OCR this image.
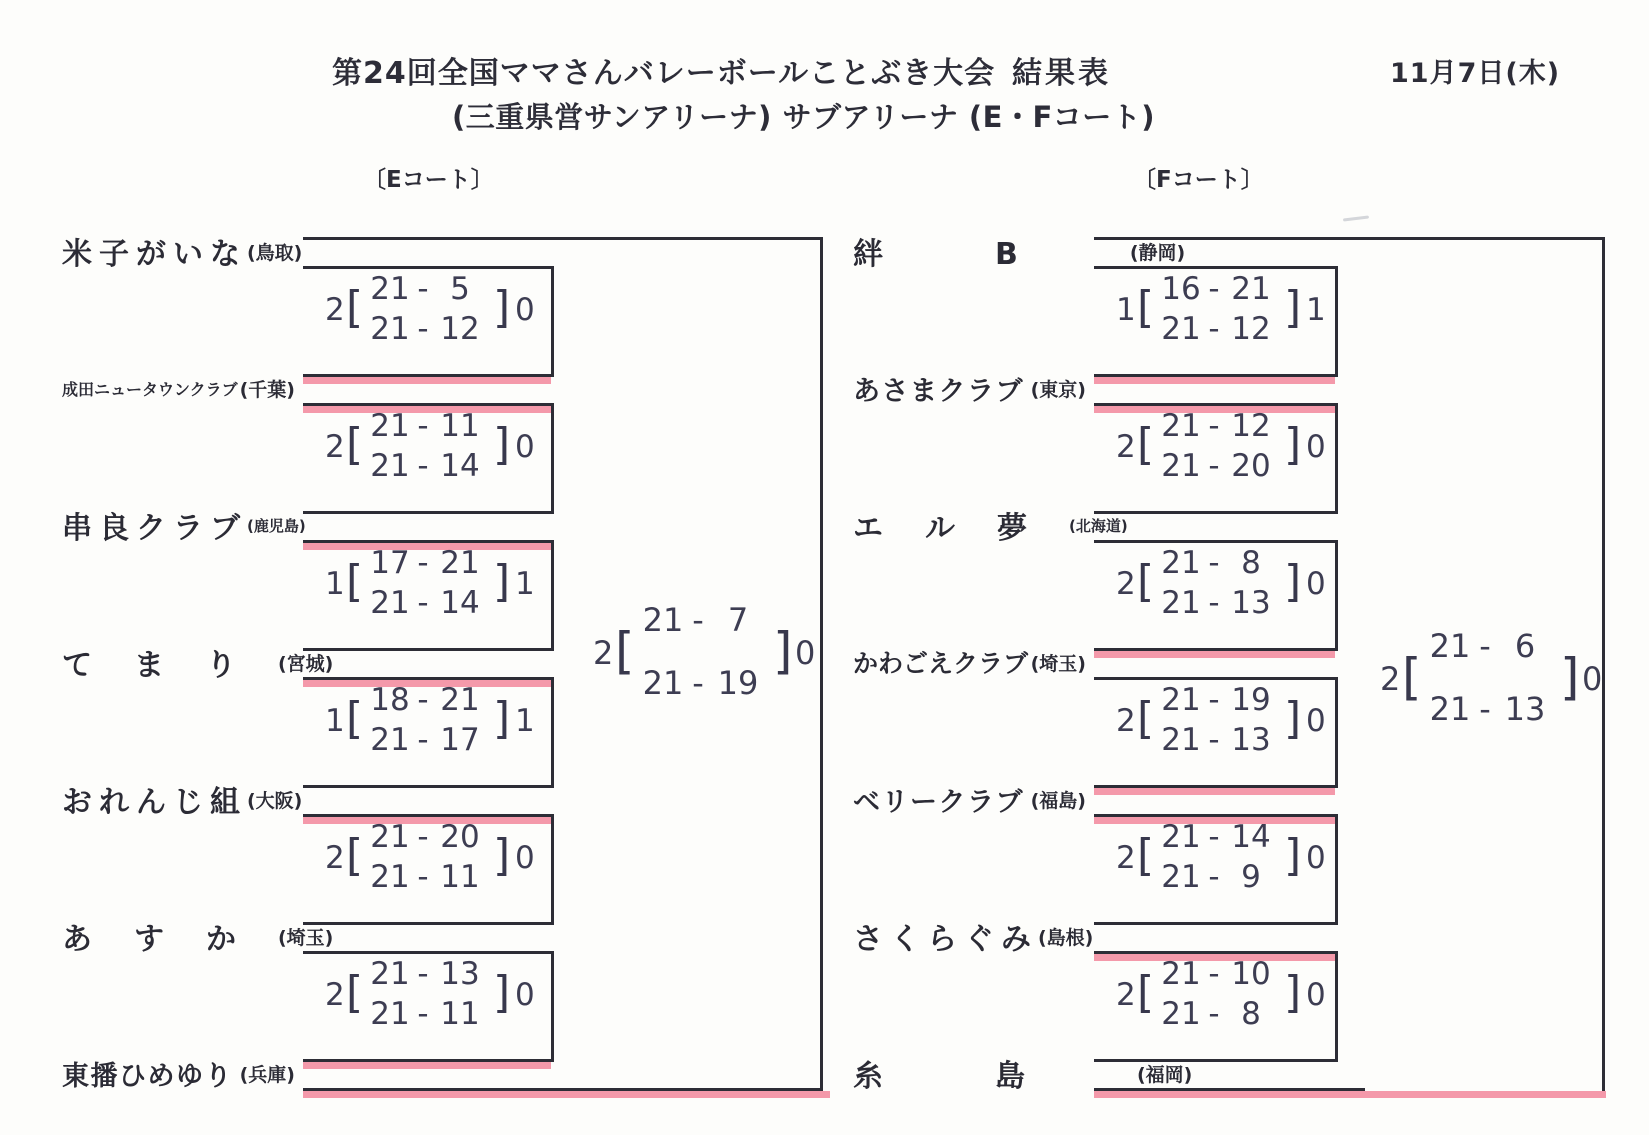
第24回全国ママさんバレーボールことぶき大会 結果表	11月7日(木)
(三重県営サンアリーナ) サブアリーナ (E・Fコート)
〔Eコート〕
米子がいな (鳥取)
成田ニュータウンクラブ (千葉)
串良クラブ (鹿児島)
てまり (宮城)
おれんじ組 (大阪)
あすか (埼玉)
東播ひめゆり (兵庫)
2 [ 21 - 5
21 - 12 ] 0
2 [ 21 - 11
21 - 14 ] 0
1 [ 17 - 21
21 - 14 ] 1
1 [ 18 - 21
21 - 17 ] 1
2 [ 21 - 20
21 - 11 ] 0
2 [ 21 - 13
21 - 11 ] 0
2 [
21 - 7
21 - 19
] 0
〔Fコート〕
絆B (静岡)
あさまクラブ (東京)
エル夢 (北海道)
かわごえクラブ (埼玉)
ベリークラブ (福島)
さくらぐみ (島根)
糸島 (福岡)
1 [ 16 - 21
21 - 12 ] 1
2 [ 21 - 12
21 - 20 ] 0
2 [ 21 - 8
21 - 13 ] 0
2 [ 21 - 19
21 - 13 ] 0
2 [ 21 - 14
21 - 9 ] 0
2 [ 21 - 10
21 - 8 ] 0
2 [
21 - 6
21 - 13
] 0
